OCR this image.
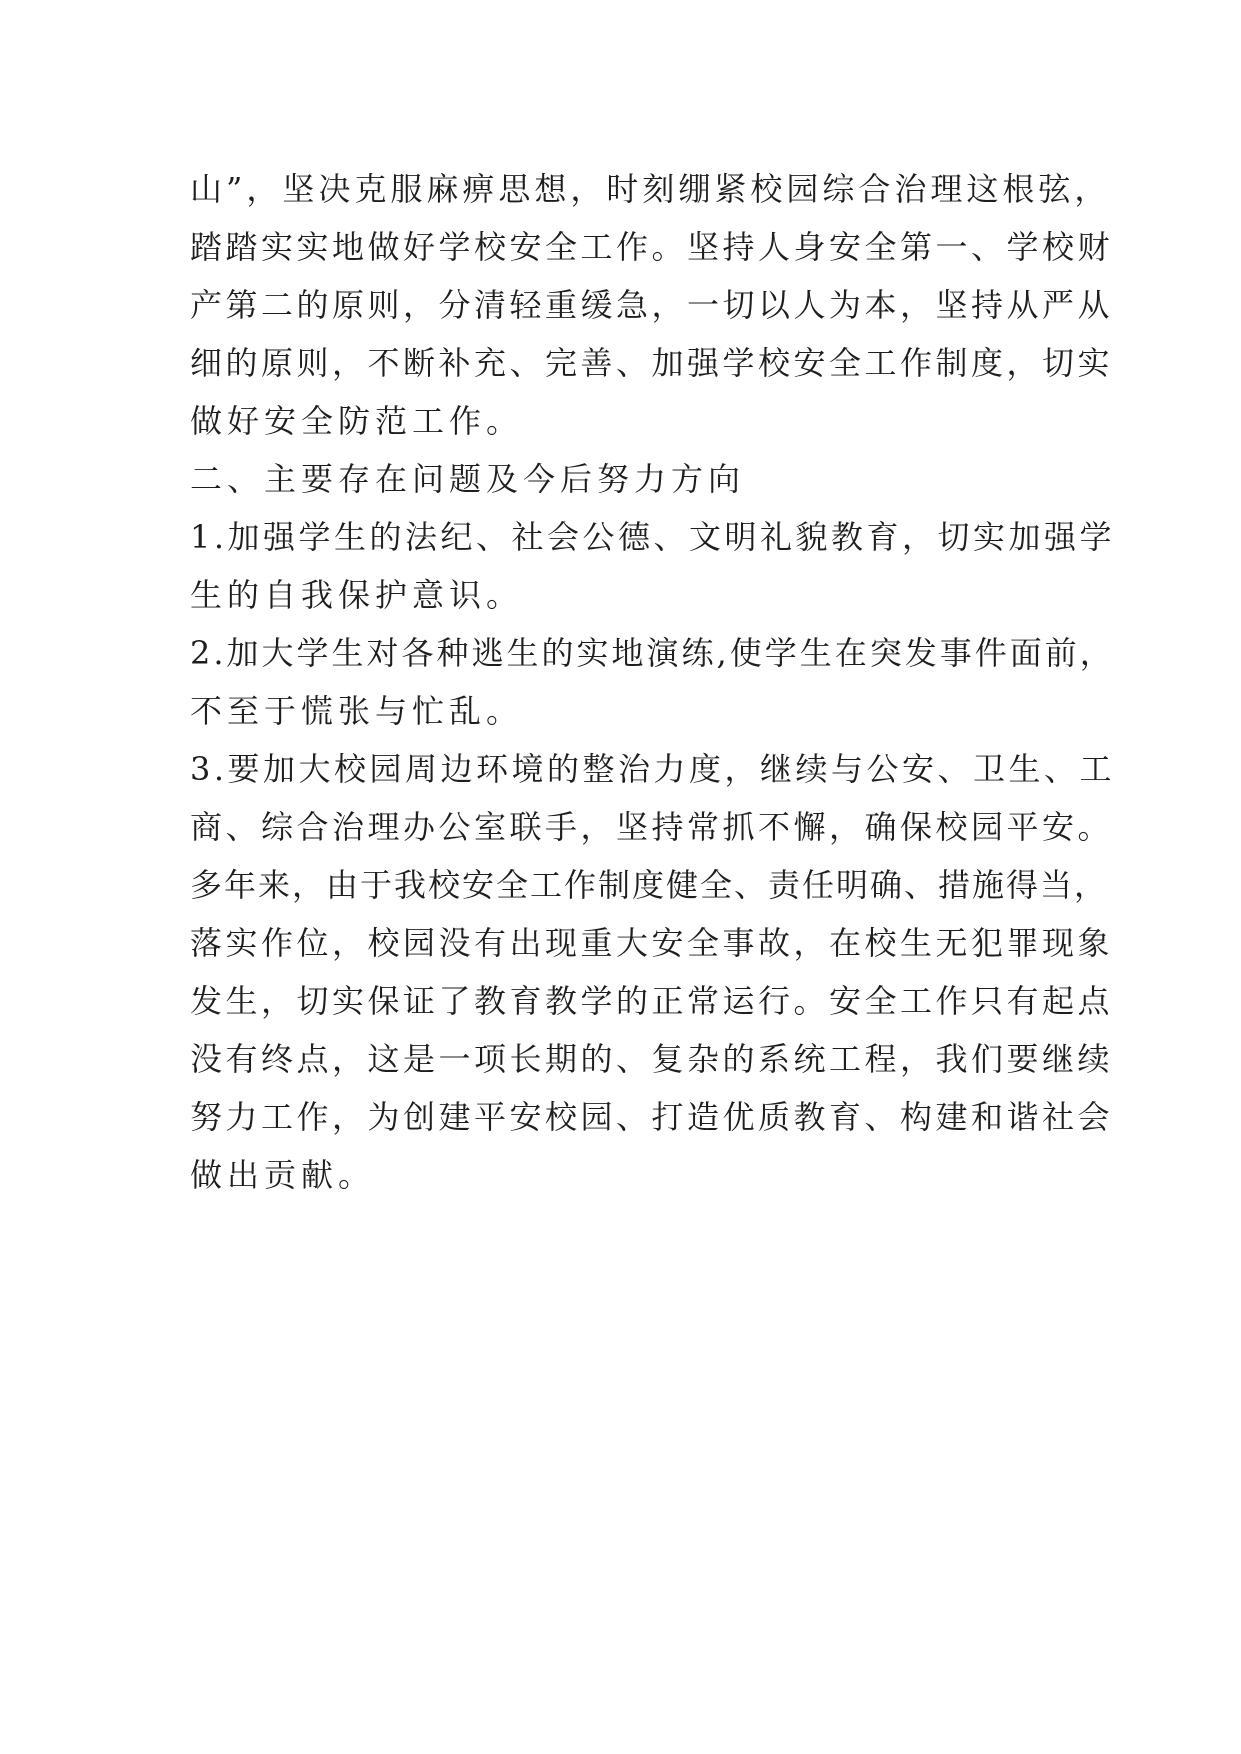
山”，坚决克服麻痹思想，时刻绷紧校园综合治理这根弦，
踏踏实实地做好学校安全工作。坚持人身安全第一、学校财
产第二的原则，分清轻重缓急，一切以人为本，坚持从严从
细的原则，不断补充、完善、加强学校安全工作制度，切实
做好安全防范工作。
二、主要存在问题及今后努力方向
1.加强学生的法纪、社会公德、文明礼貌教育，切实加强学
生的自我保护意识。
2.加大学生对各种逃生的实地演练,使学生在突发事件面前，
不至于慌张与忙乱。
3.要加大校园周边环境的整治力度，继续与公安、卫生、工
商、综合治理办公室联手，坚持常抓不懈，确保校园平安。
多年来，由于我校安全工作制度健全、责任明确、措施得当，
落实作位，校园没有出现重大安全事故，在校生无犯罪现象
发生，切实保证了教育教学的正常运行。安全工作只有起点
没有终点，这是一项长期的、复杂的系统工程，我们要继续
努力工作，为创建平安校园、打造优质教育、构建和谐社会
做出贡献。
